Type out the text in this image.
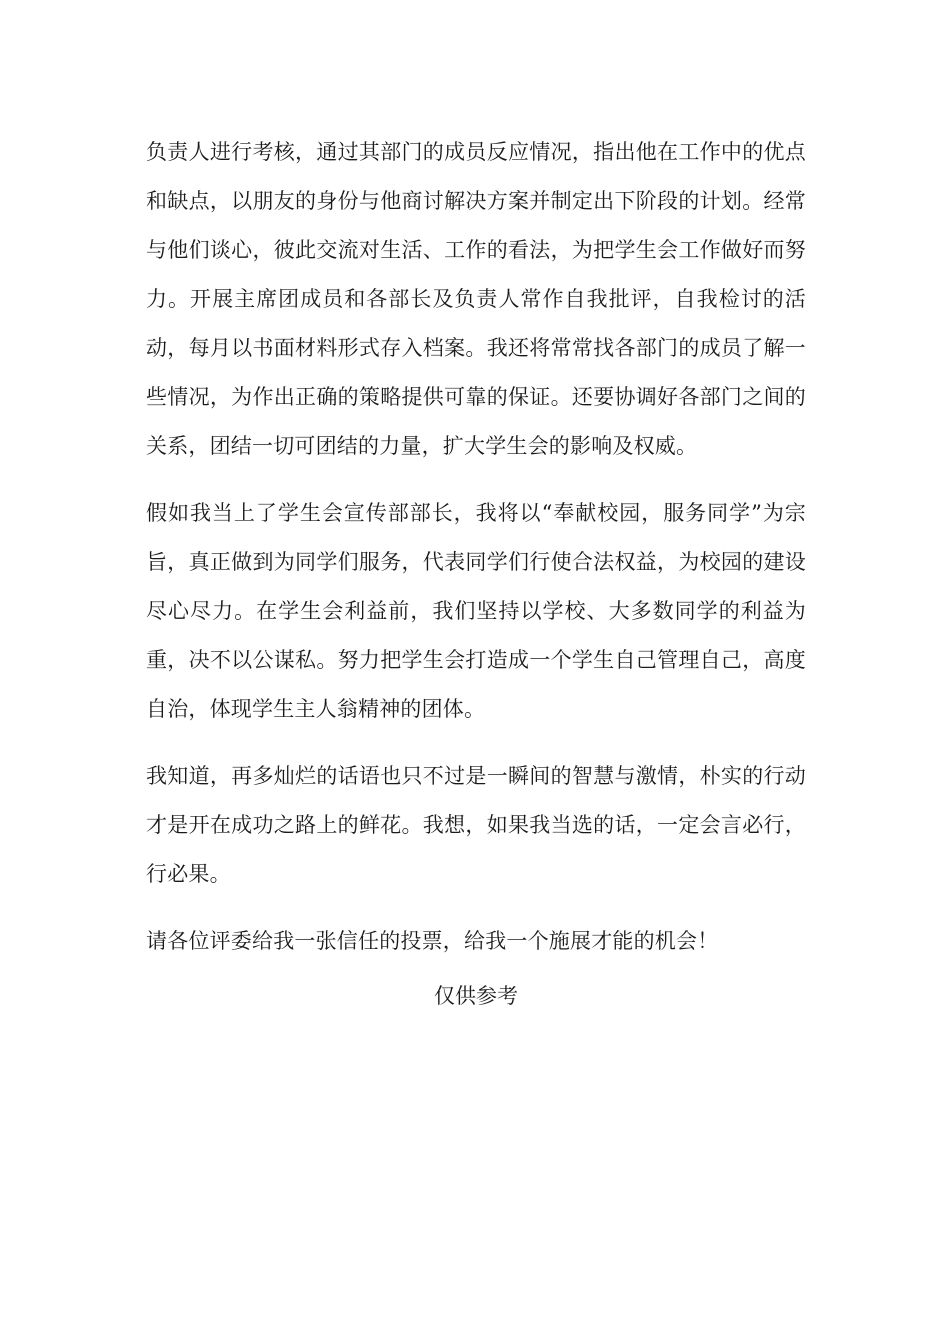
负责人进行考核，通过其部门的成员反应情况，指出他在工作中的优点和缺点，以朋友的身份与他商讨解决方案并制定出下阶段的计划。经常与他们谈心，彼此交流对生活、工作的看法，为把学生会工作做好而努力。开展主席团成员和各部长及负责人常作自我批评，自我检讨的活动，每月以书面材料形式存入档案。我还将常常找各部门的成员了解一些情况，为作出正确的策略提供可靠的保证。还要协调好各部门之间的关系，团结一切可团结的力量，扩大学生会的影响及权威。

假如我当上了学生会宣传部部长，我将以“奉献校园，服务同学”为宗旨，真正做到为同学们服务，代表同学们行使合法权益，为校园的建设尽心尽力。在学生会利益前，我们坚持以学校、大多数同学的利益为重，决不以公谋私。努力把学生会打造成一个学生自己管理自己，高度自治，体现学生主人翁精神的团体。

我知道，再多灿烂的话语也只不过是一瞬间的智慧与激情，朴实的行动才是开在成功之路上的鲜花。我想，如果我当选的话，一定会言必行，行必果。

请各位评委给我一张信任的投票，给我一个施展才能的机会！

仅供参考
